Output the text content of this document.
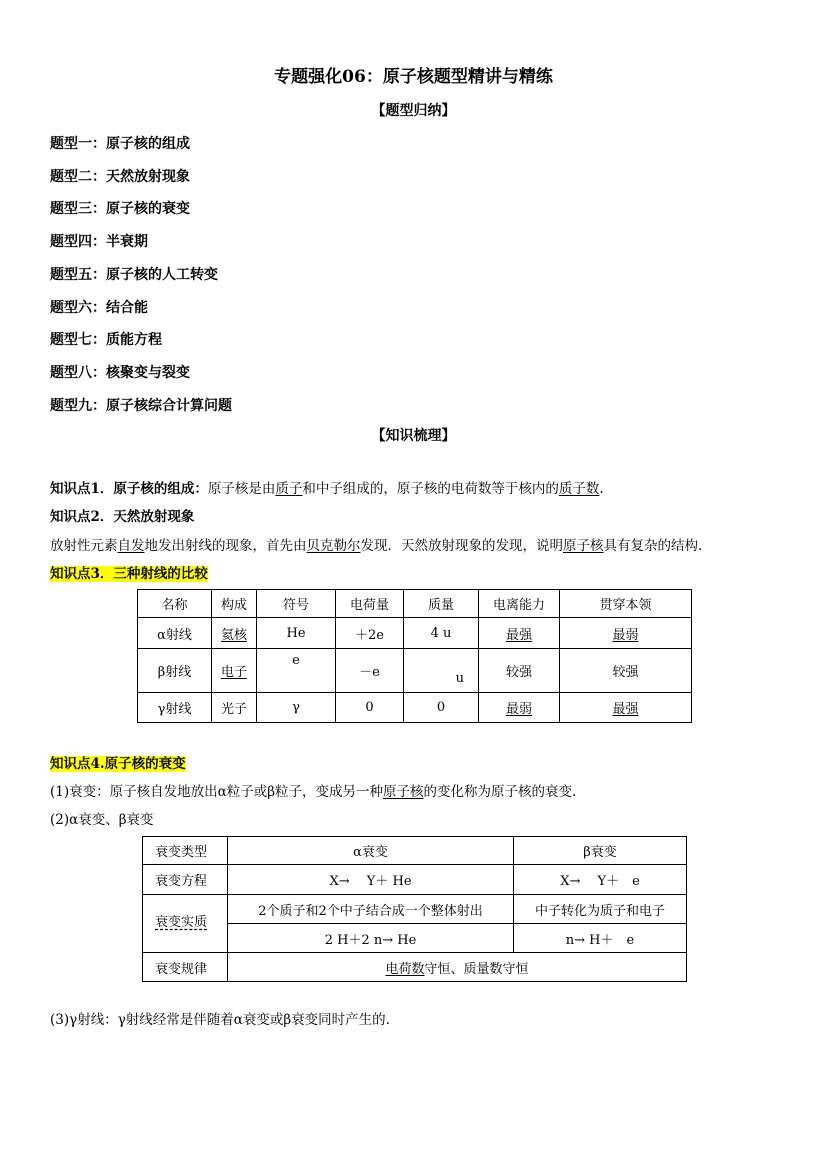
专题强化06：原子核题型精讲与精练
【题型归纳】
题型一：原子核的组成
题型二：天然放射现象
题型三：原子核的衰变
题型四：半衰期
题型五：原子核的人工转变
题型六：结合能
题型七：质能方程
题型八：核聚变与裂变
题型九：原子核综合计算问题
【知识梳理】
知识点1．原子核的组成：原子核是由质子和中子组成的，原子核的电荷数等于核内的质子数.
知识点2．天然放射现象
放射性元素自发地发出射线的现象，首先由贝克勒尔发现．天然放射现象的发现，说明原子核具有复杂的结构.
知识点3．三种射线的比较
名称	构成	符号	电荷量	质量	电离能力	贯穿本领
α射线	氦核	He	＋2e	4 u	最强	最弱
β射线	电子	e	－e	u	较强	较强
γ射线	光子	γ	0	0	最弱	最强
知识点4.原子核的衰变
(1)衰变：原子核自发地放出α粒子或β粒子，变成另一种原子核的变化称为原子核的衰变.
(2)α衰变、β衰变
衰变类型	α衰变	β衰变
衰变方程	X→　 Y＋ He	X→　 Y＋　e
衰变实质	2个质子和2个中子结合成一个整体射出	中子转化为质子和电子
	2 H＋2 n→ He	n→ H＋　e
衰变规律	电荷数守恒、质量数守恒	
(3)γ射线：γ射线经常是伴随着α衰变或β衰变同时产生的.
